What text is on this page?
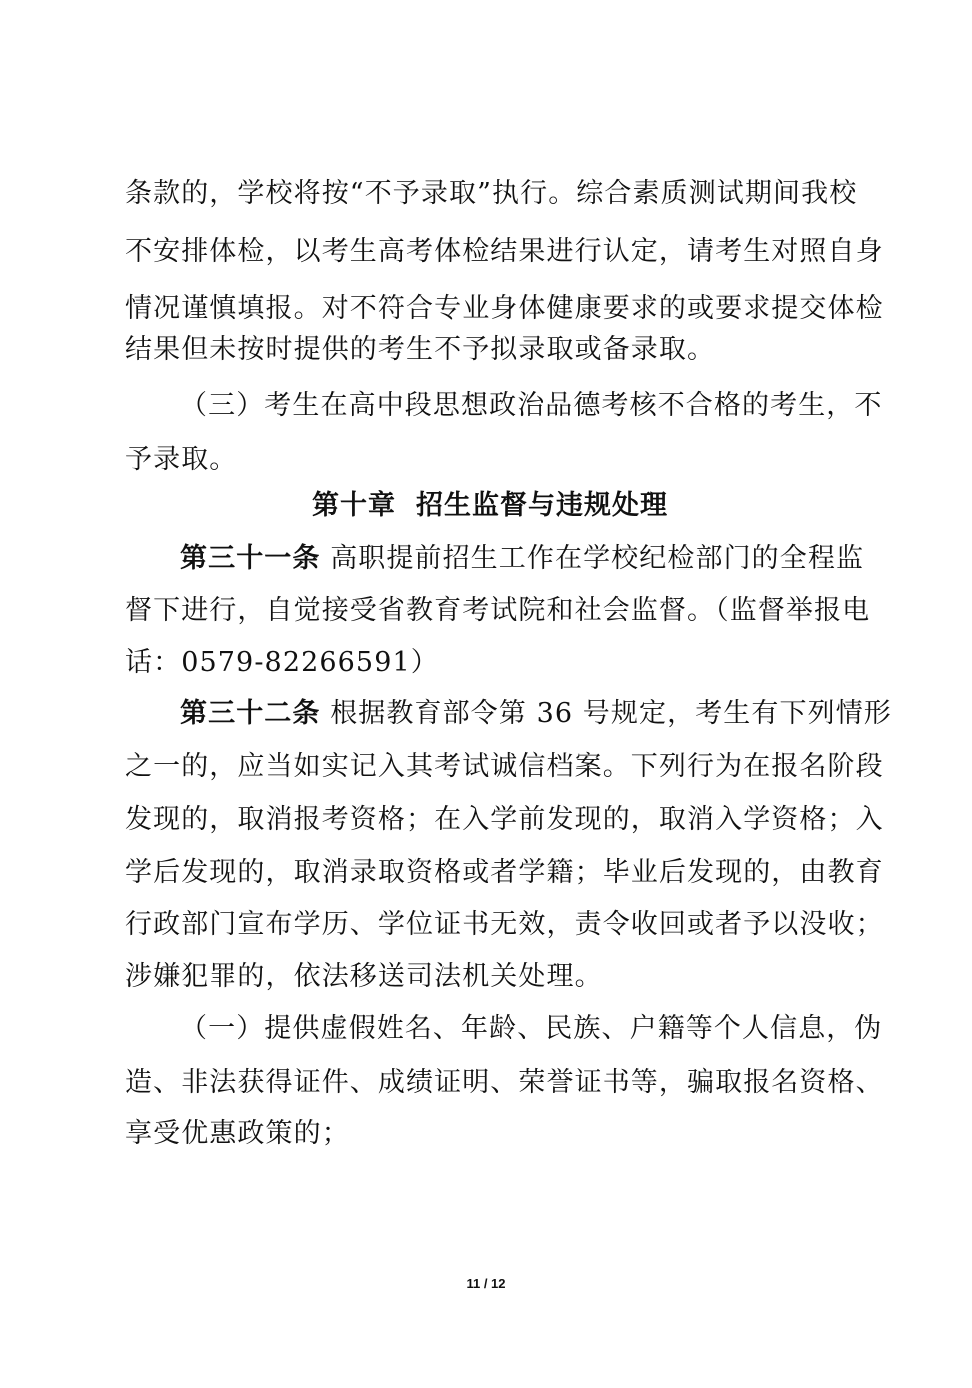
条款的，学校将按“不予录取”执行。综合素质测试期间我校
不安排体检，以考生高考体检结果进行认定，请考生对照自身
情况谨慎填报。对不符合专业身体健康要求的或要求提交体检
结果但未按时提供的考生不予拟录取或备录取。
（三）考生在高中段思想政治品德考核不合格的考生，不
予录取。
第十章 招生监督与违规处理
第三十一条 高职提前招生工作在学校纪检部门的全程监
督下进行，自觉接受省教育考试院和社会监督。（监督举报电
话：0579-82266591）
第三十二条 根据教育部令第 36 号规定，考生有下列情形
之一的，应当如实记入其考试诚信档案。下列行为在报名阶段
发现的，取消报考资格；在入学前发现的，取消入学资格；入
学后发现的，取消录取资格或者学籍；毕业后发现的，由教育
行政部门宣布学历、学位证书无效，责令收回或者予以没收；
涉嫌犯罪的，依法移送司法机关处理。
（一）提供虚假姓名、年龄、民族、户籍等个人信息，伪
造、非法获得证件、成绩证明、荣誉证书等，骗取报名资格、
享受优惠政策的；
11 / 12
